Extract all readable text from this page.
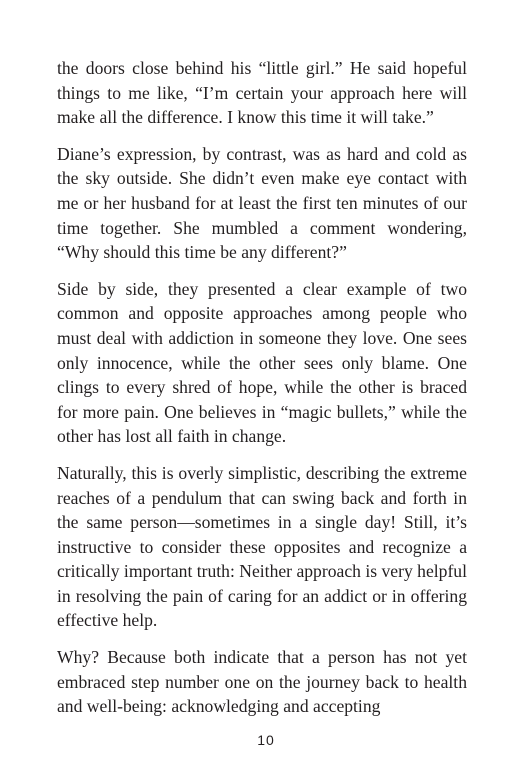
the doors close behind his “little girl.” He said hopeful things to me like, “I’m certain your approach here will make all the difference. I know this time it will take.”

Diane’s expression, by contrast, was as hard and cold as the sky outside. She didn’t even make eye contact with me or her husband for at least the first ten minutes of our time together. She mumbled a comment wondering, “Why should this time be any different?”

Side by side, they presented a clear example of two common and opposite approaches among people who must deal with addiction in someone they love. One sees only innocence, while the other sees only blame. One clings to every shred of hope, while the other is braced for more pain. One believes in “magic bullets,” while the other has lost all faith in change.

Naturally, this is overly simplistic, describing the extreme reaches of a pendulum that can swing back and forth in the same person—sometimes in a single day! Still, it’s instructive to consider these opposites and recognize a critically important truth: Neither approach is very helpful in resolving the pain of caring for an addict or in offering effective help.

Why? Because both indicate that a person has not yet embraced step number one on the journey back to health and well-being: acknowledging and accepting

10
